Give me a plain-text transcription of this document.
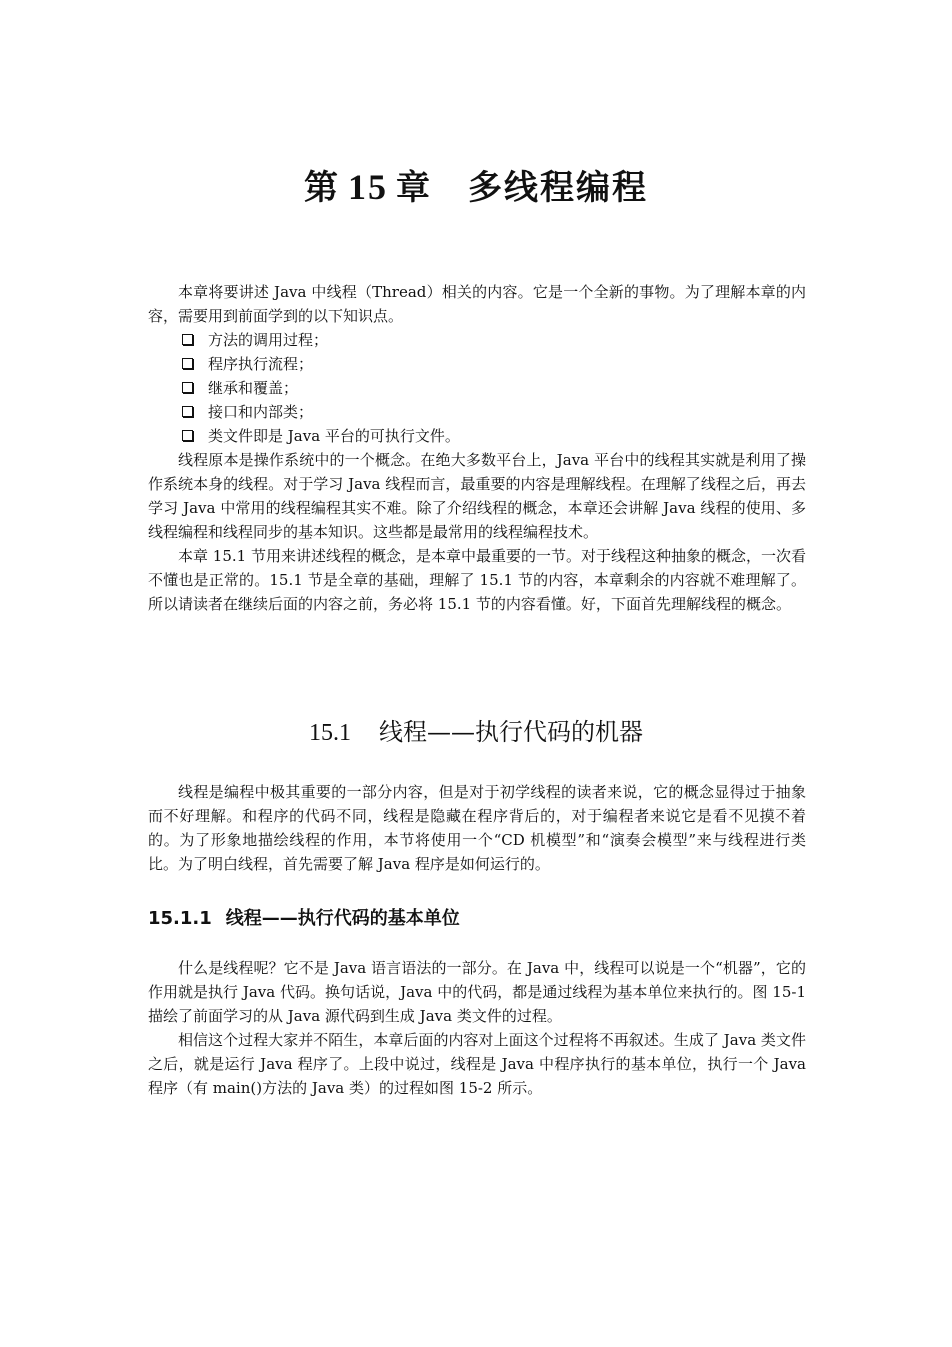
第 15 章 多线程编程

本章将要讲述 Java 中线程（Thread）相关的内容。它是一个全新的事物。为了理解本章的内容，需要用到前面学到的以下知识点。

方法的调用过程；
程序执行流程；
继承和覆盖；
接口和内部类；
类文件即是 Java 平台的可执行文件。

线程原本是操作系统中的一个概念。在绝大多数平台上，Java 平台中的线程其实就是利用了操作系统本身的线程。对于学习 Java 线程而言，最重要的内容是理解线程。在理解了线程之后，再去学习 Java 中常用的线程编程其实不难。除了介绍线程的概念，本章还会讲解 Java 线程的使用、多线程编程和线程同步的基本知识。这些都是最常用的线程编程技术。

本章 15.1 节用来讲述线程的概念，是本章中最重要的一节。对于线程这种抽象的概念，一次看不懂也是正常的。15.1 节是全章的基础，理解了 15.1 节的内容，本章剩余的内容就不难理解了。所以请读者在继续后面的内容之前，务必将 15.1 节的内容看懂。好，下面首先理解线程的概念。

15.1 线程——执行代码的机器

线程是编程中极其重要的一部分内容，但是对于初学线程的读者来说，它的概念显得过于抽象而不好理解。和程序的代码不同，线程是隐藏在程序背后的，对于编程者来说它是看不见摸不着的。为了形象地描绘线程的作用，本节将使用一个“CD 机模型”和“演奏会模型”来与线程进行类比。为了明白线程，首先需要了解 Java 程序是如何运行的。

15.1.1 线程——执行代码的基本单位

什么是线程呢？它不是 Java 语言语法的一部分。在 Java 中，线程可以说是一个“机器”，它的作用就是执行 Java 代码。换句话说，Java 中的代码，都是通过线程为基本单位来执行的。图 15-1 描绘了前面学习的从 Java 源代码到生成 Java 类文件的过程。

相信这个过程大家并不陌生，本章后面的内容对上面这个过程将不再叙述。生成了 Java 类文件之后，就是运行 Java 程序了。上段中说过，线程是 Java 中程序执行的基本单位，执行一个 Java 程序（有 main()方法的 Java 类）的过程如图 15-2 所示。
